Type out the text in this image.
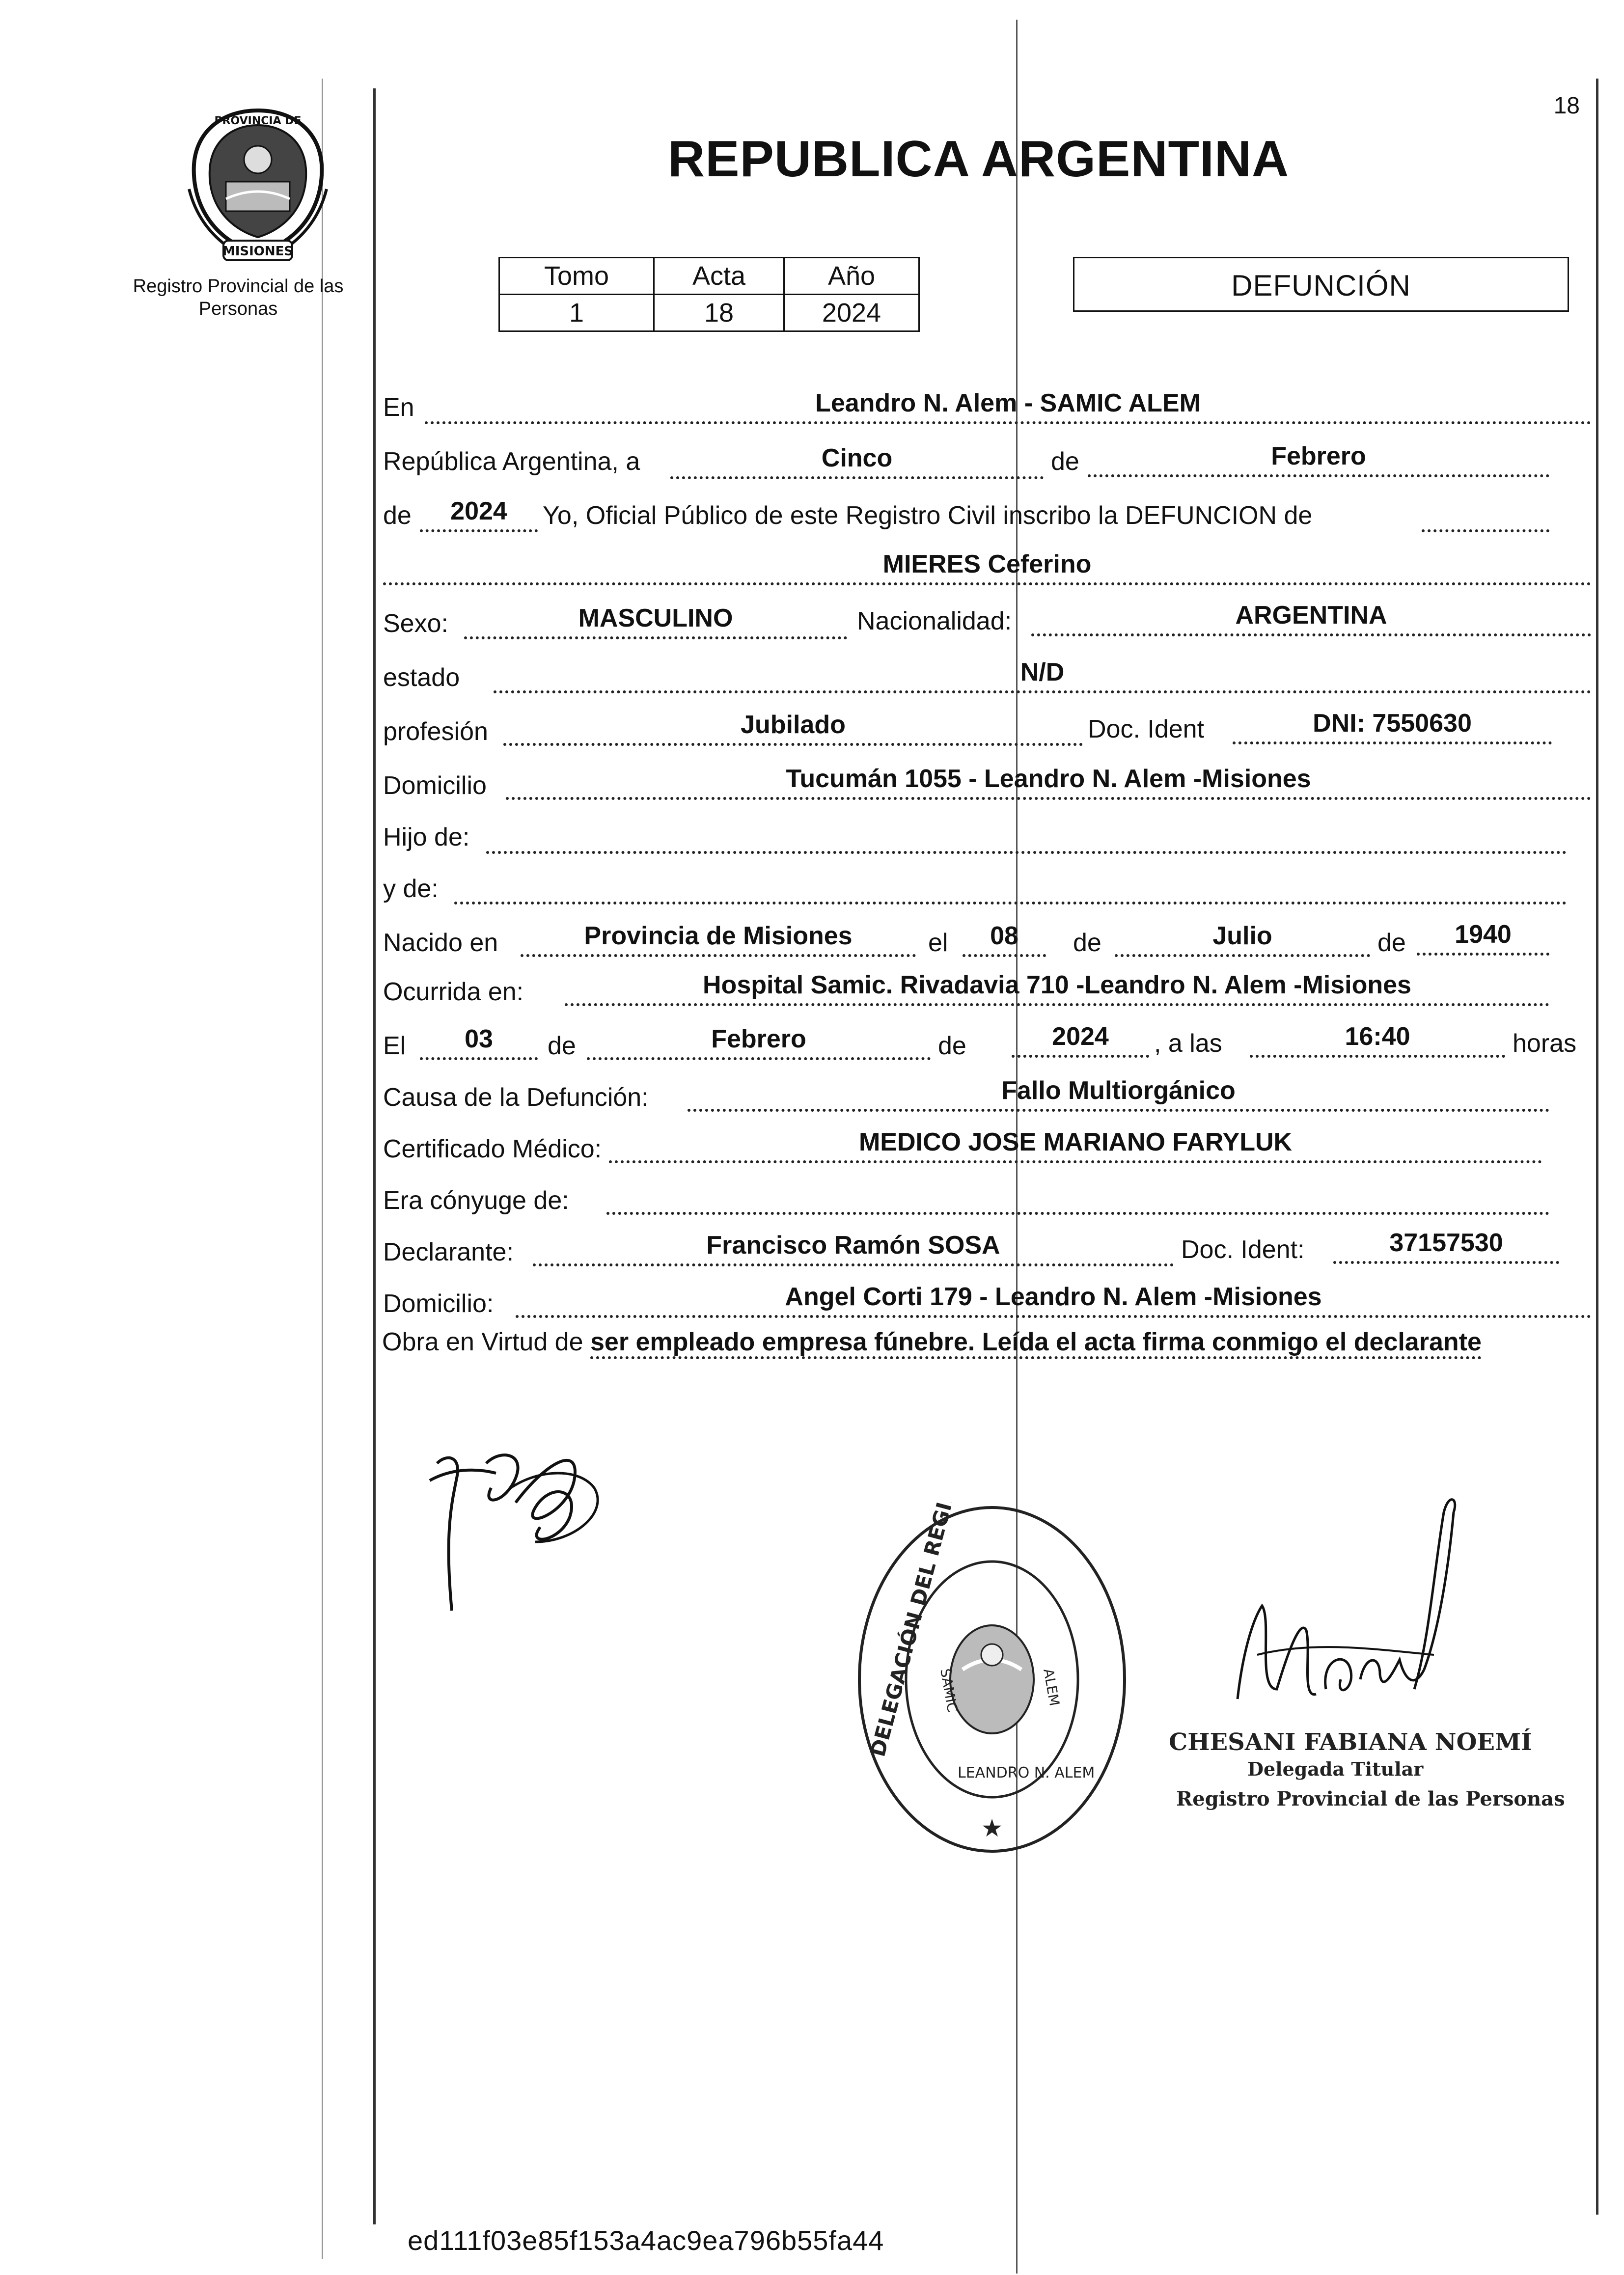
18
MISIONES
PROVINCIA DE
Registro Provincial de las Personas
REPUBLICA ARGENTINA
Tomo	Acta	Año
1	18	2024
DEFUNCIÓN
En	Leandro N. Alem - SAMIC ALEM
República Argentina, a	Cinco	de	Febrero
de	2024	Yo, Oficial Público de este Registro Civil inscribo la DEFUNCION de
MIERES Ceferino
Sexo:	MASCULINO	Nacionalidad:	ARGENTINA
estado	N/D
profesión	Jubilado	Doc. Ident	DNI: 7550630
Domicilio	Tucumán 1055 - Leandro N. Alem -Misiones
Hijo de:
y de:
Nacido en	Provincia de Misiones	el	08	de	Julio	de	1940
Ocurrida en:	Hospital Samic. Rivadavia 710 -Leandro N. Alem -Misiones
El	03	de	Febrero	de	2024	, a las	16:40	horas
Causa de la Defunción:	Fallo Multiorgánico
Certificado Médico:	MEDICO JOSE MARIANO FARYLUK
Era cónyuge de:
Declarante:	Francisco Ramón SOSA	Doc. Ident:	37157530
Domicilio:	Angel Corti 179 - Leandro N. Alem -Misiones
Obra en Virtud de ser empleado empresa fúnebre. Leída el acta firma conmigo el declarante
★
SAMIC
LEANDRO N. ALEM
ALEM
CHESANI FABIANA NOEMÍ
Delegada Titular
Registro Provincial de las Personas
ed111f03e85f153a4ac9ea796b55fa44
